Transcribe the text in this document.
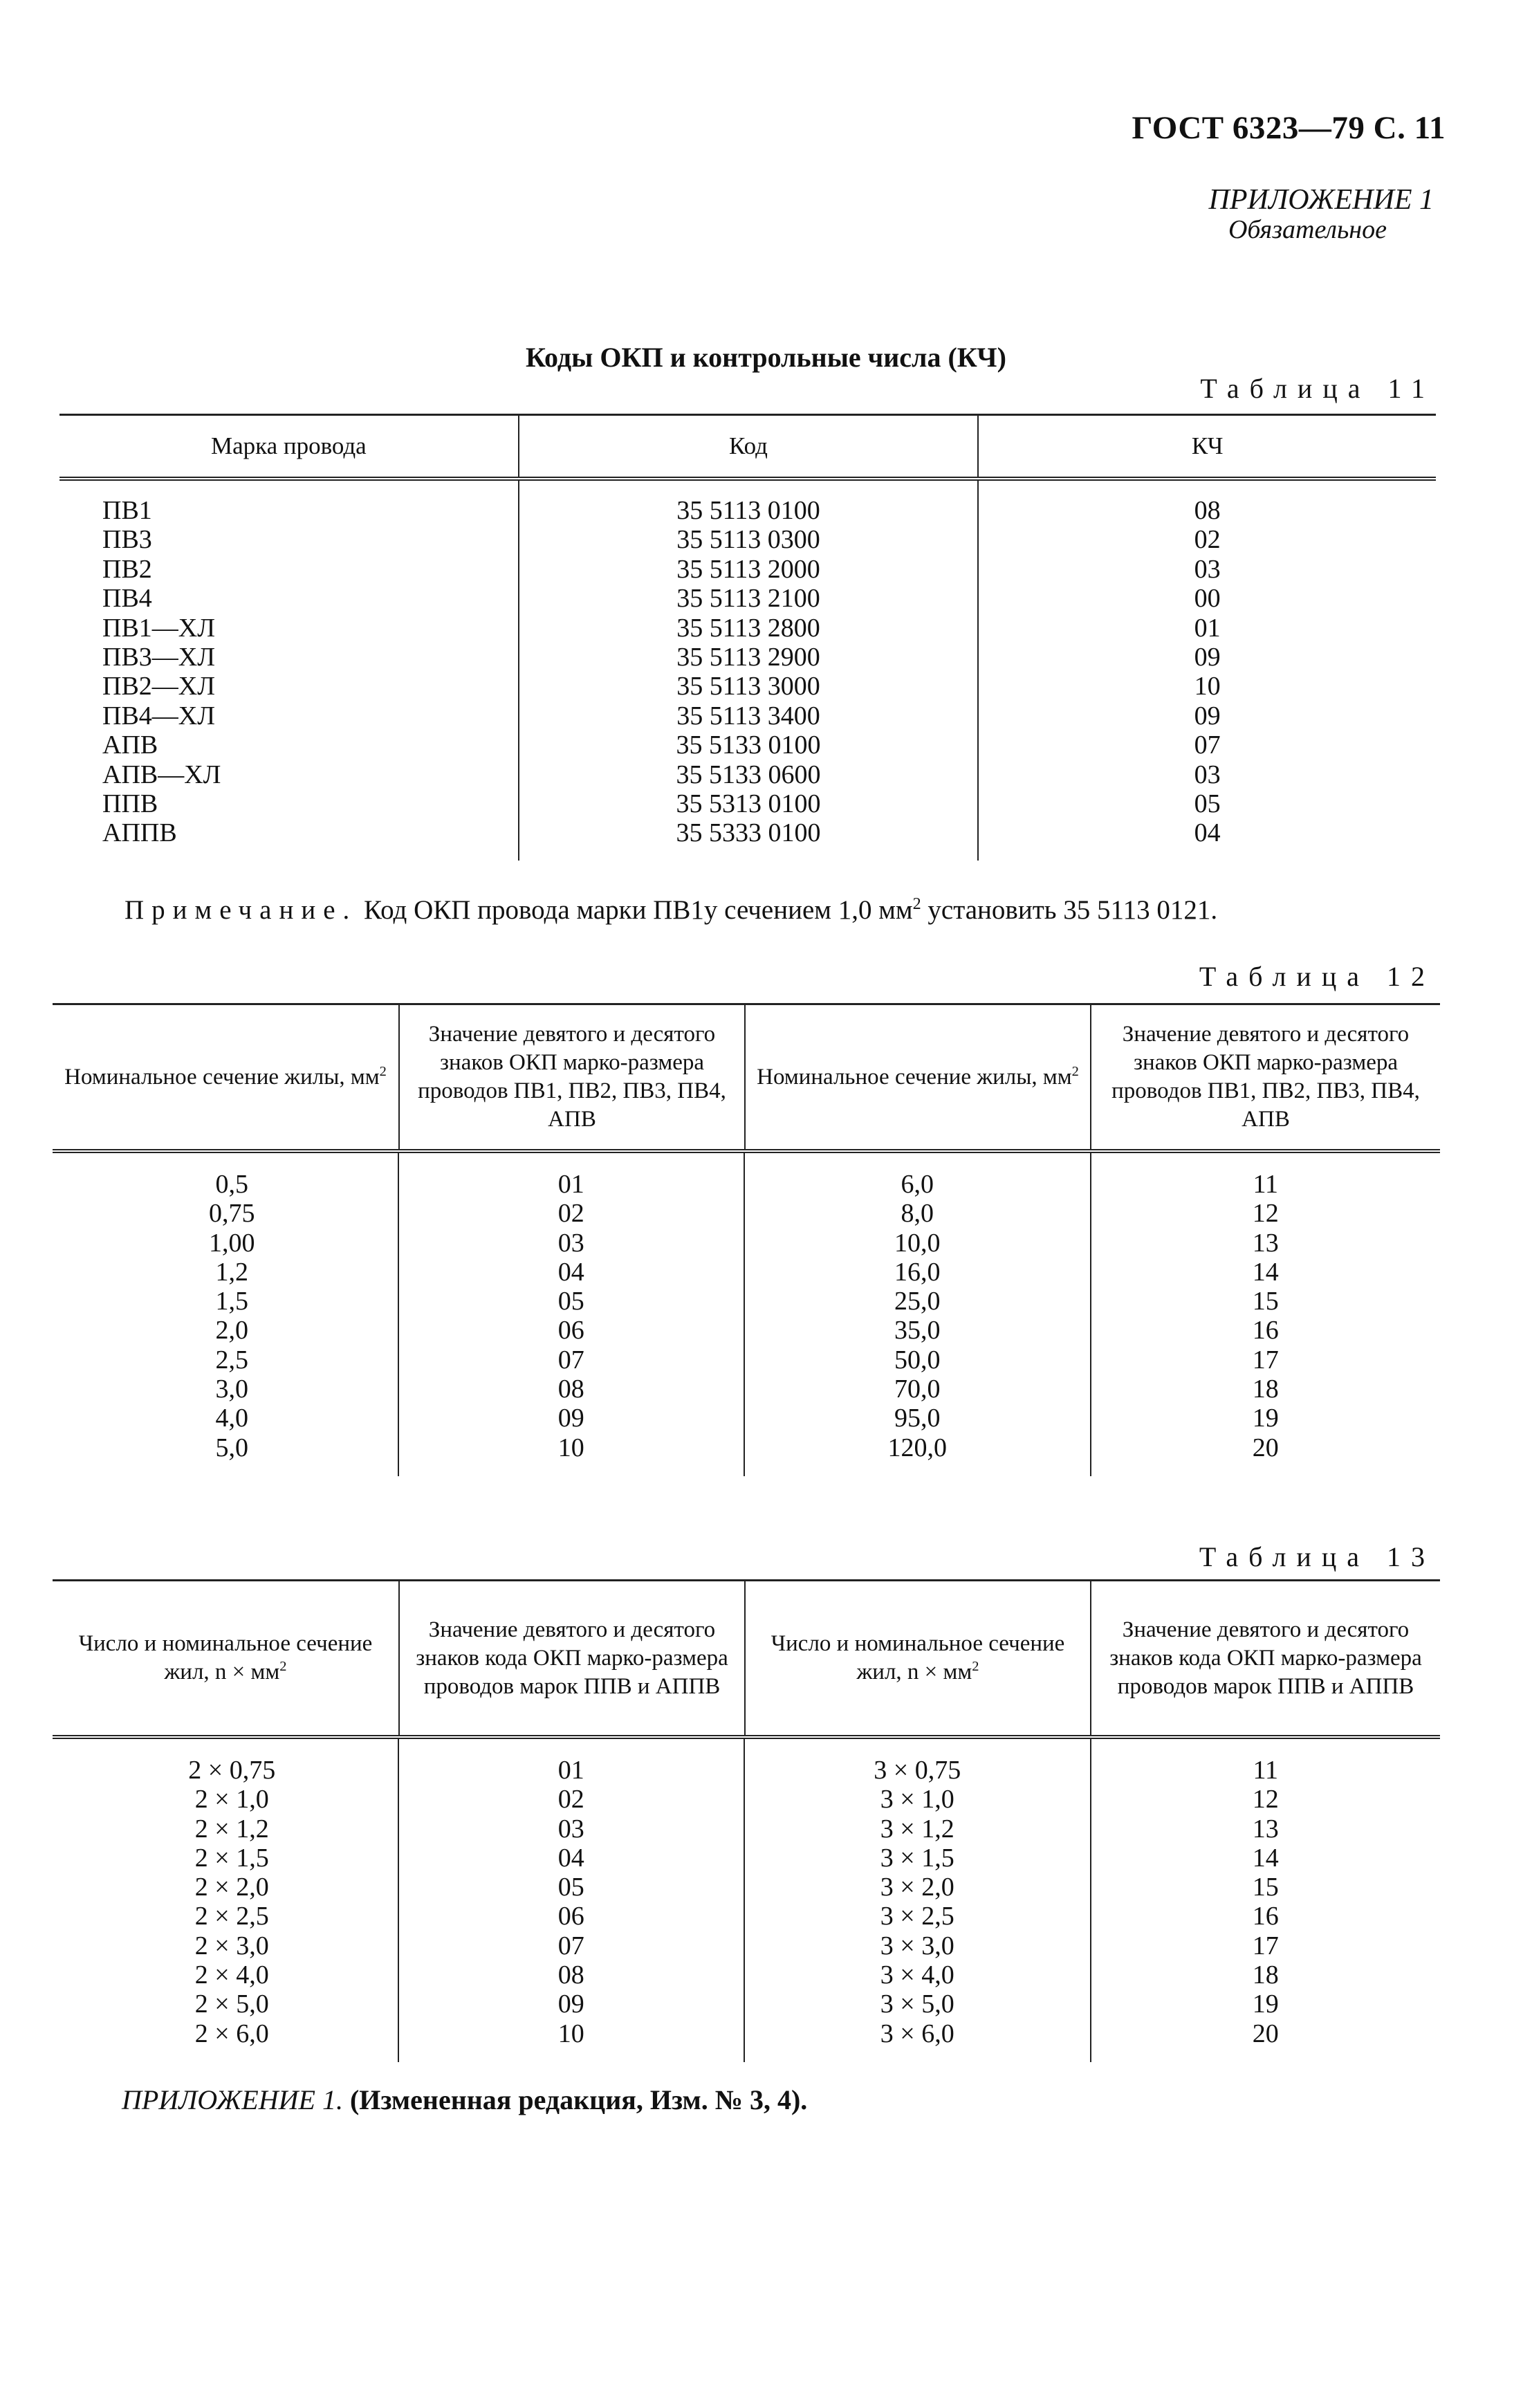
ГОСТ 6323—79 С. 11
ПРИЛОЖЕНИЕ 1
Обязательное
Коды ОКП и контрольные числа (КЧ)
Таблица 11
Марка провода	Код	КЧ
ПВ1
ПВ3
ПВ2
ПВ4
ПВ1—ХЛ
ПВ3—ХЛ
ПВ2—ХЛ
ПВ4—ХЛ
АПВ
АПВ—ХЛ
ППВ
АППВ
35 5113 0100
35 5113 0300
35 5113 2000
35 5113 2100
35 5113 2800
35 5113 2900
35 5113 3000
35 5113 3400
35 5133 0100
35 5133 0600
35 5313 0100
35 5333 0100
08
02
03
00
01
09
10
09
07
03
05
04
Примечание. Код ОКП провода марки ПВ1у сечением 1,0 $мм^2$ установить 35 5113 0121.
Таблица 12
Номинальное сечение жилы, $мм^2$
Значение девятого и десятого знаков ОКП марко-размера проводов ПВ1, ПВ2, ПВ3, ПВ4, АПВ
Номинальное сечение жилы, $мм^2$
Значение девятого и десятого знаков ОКП марко-размера проводов ПВ1, ПВ2, ПВ3, ПВ4, АПВ
0,5
0,75
1,00
1,2
1,5
2,0
2,5
3,0
4,0
5,0
01
02
03
04
05
06
07
08
09
10
6,0
8,0
10,0
16,0
25,0
35,0
50,0
70,0
95,0
120,0
11
12
13
14
15
16
17
18
19
20
Таблица 13
Число и номинальное сечение жил, $n \times мм^2$
Значение девятого и десятого знаков кода ОКП марко-размера проводов марок ППВ и АППВ
Число и номинальное сечение жил, $n \times мм^2$
Значение девятого и десятого знаков кода ОКП марко-размера проводов марок ППВ и АППВ
2 × 0,75
2 × 1,0
2 × 1,2
2 × 1,5
2 × 2,0
2 × 2,5
2 × 3,0
2 × 4,0
2 × 5,0
2 × 6,0
01
02
03
04
05
06
07
08
09
10
3 × 0,75
3 × 1,0
3 × 1,2
3 × 1,5
3 × 2,0
3 × 2,5
3 × 3,0
3 × 4,0
3 × 5,0
3 × 6,0
11
12
13
14
15
16
17
18
19
20
ПРИЛОЖЕНИЕ 1. (Измененная редакция, Изм. № 3, 4).
